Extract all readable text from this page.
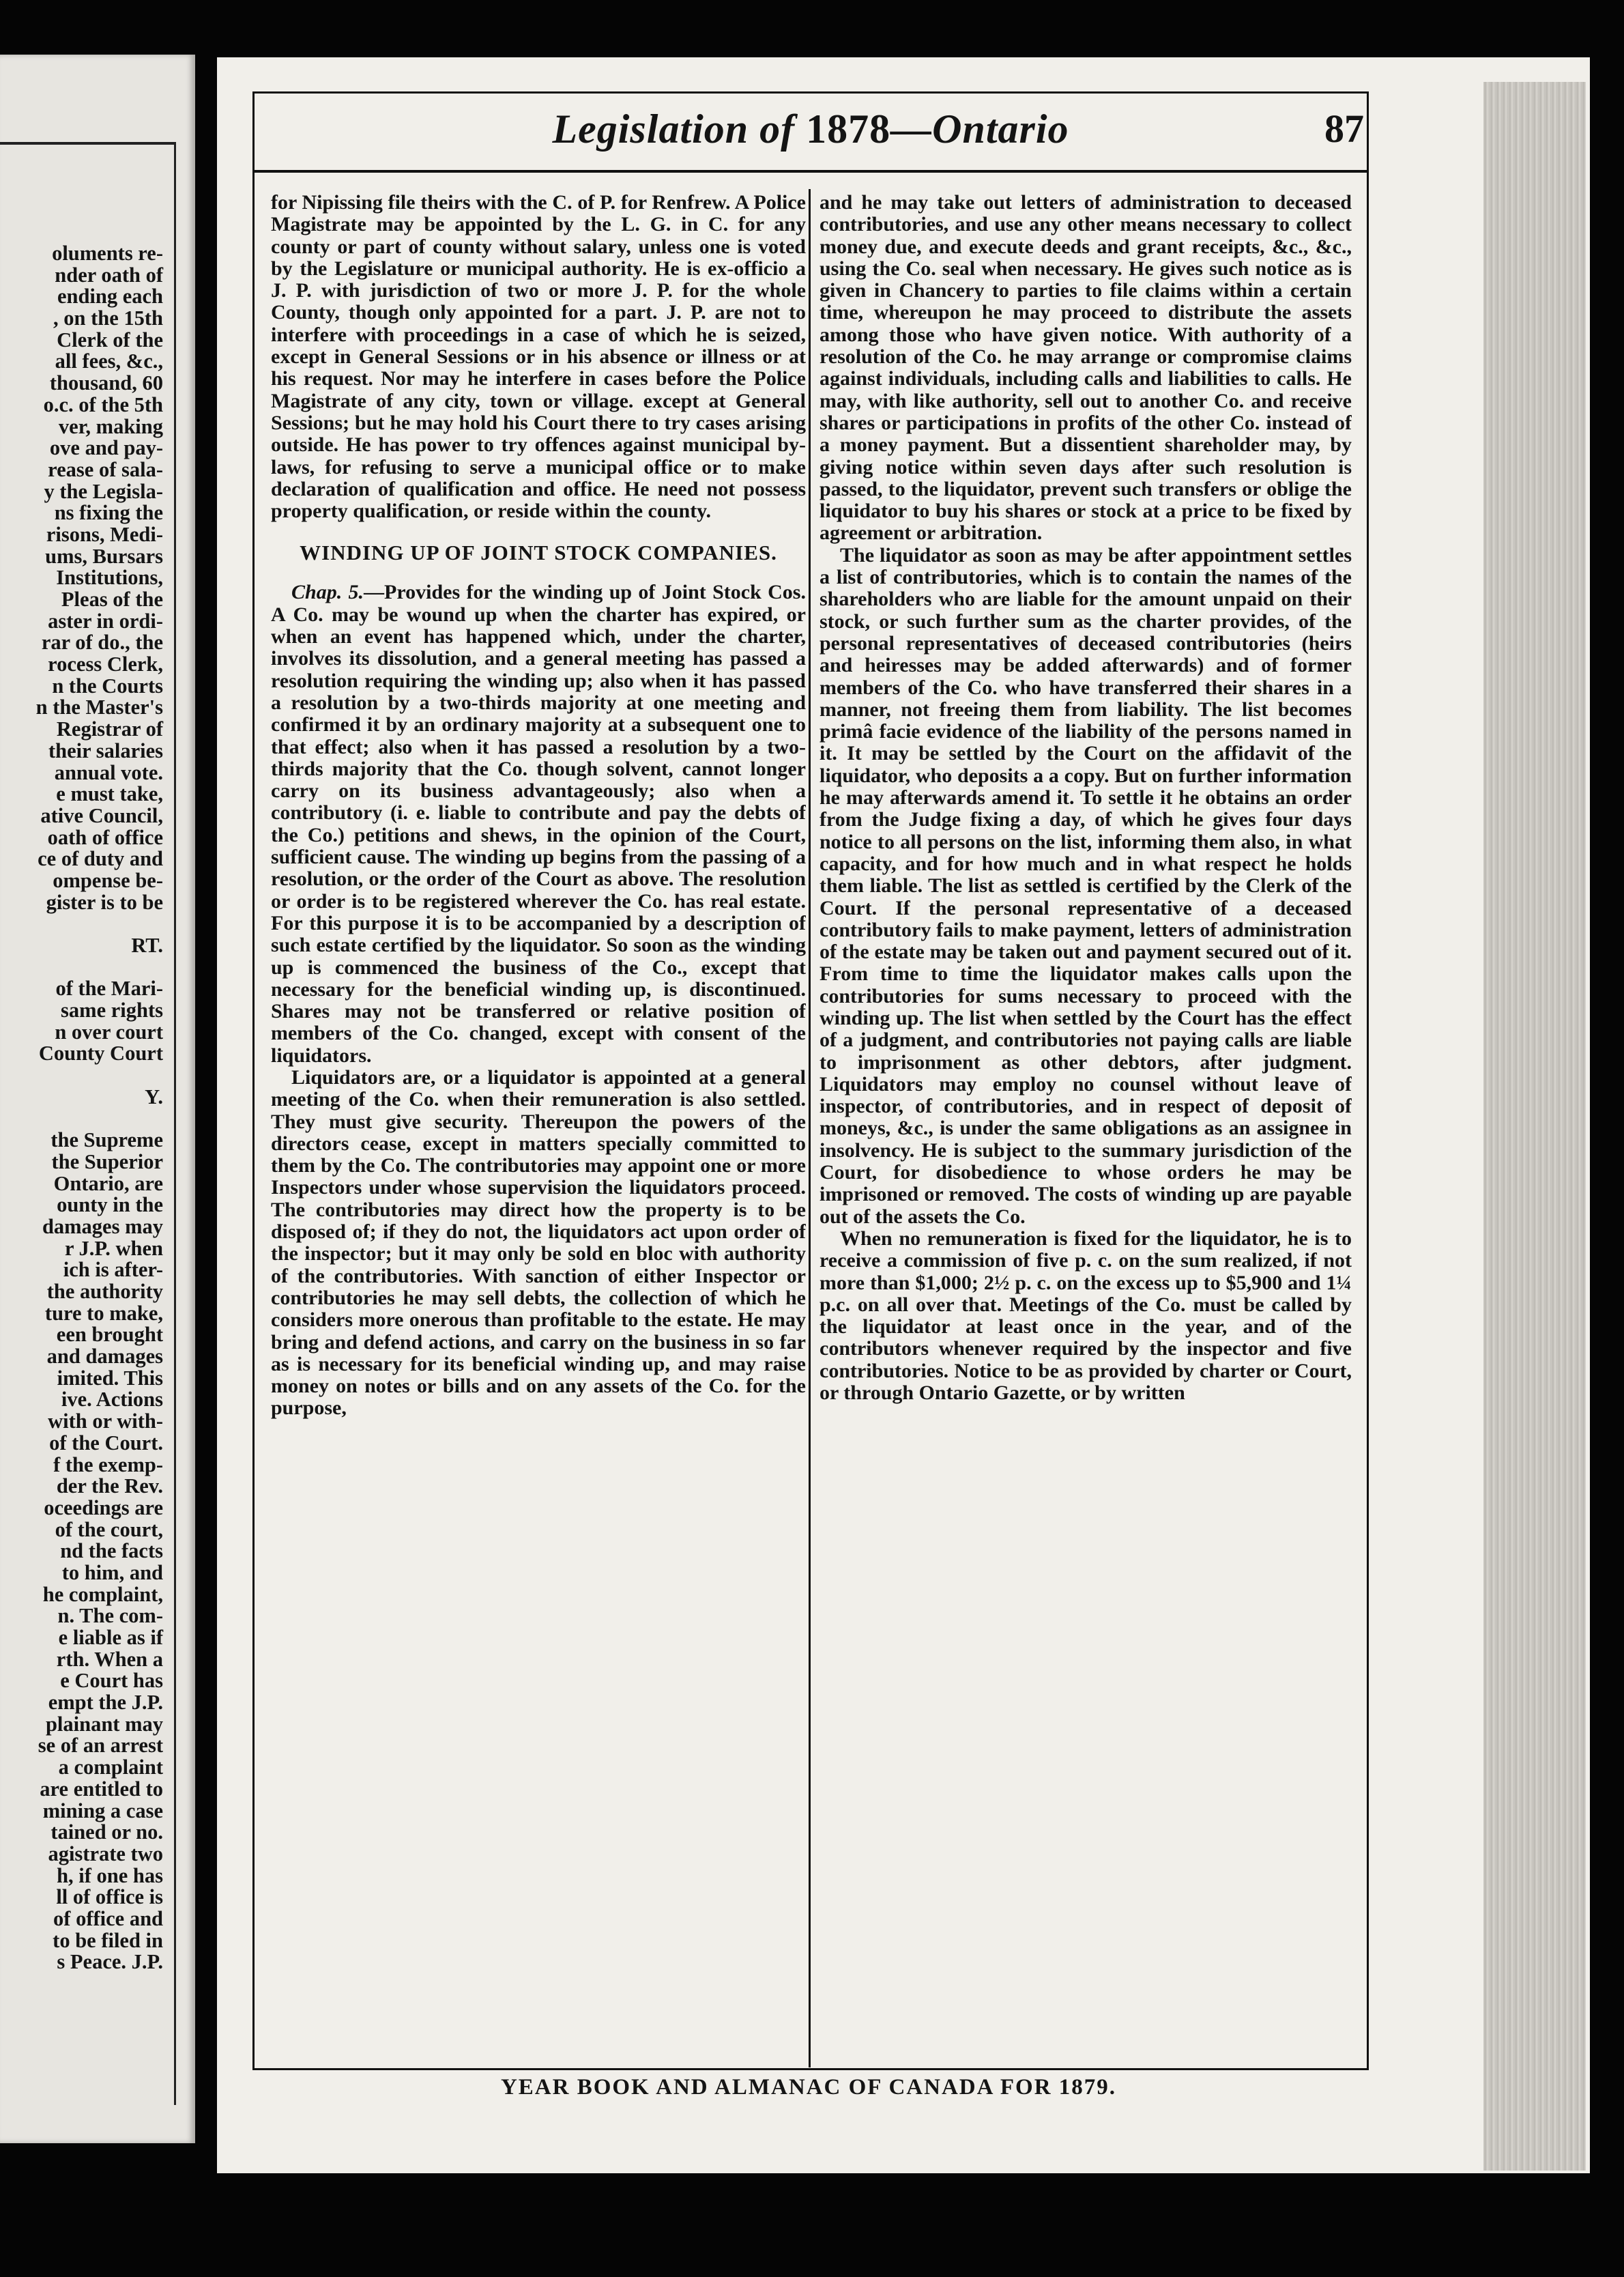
oluments re-
nder oath of
ending each
, on the 15th
Clerk of the
all fees, &c.,
thousand, 60
o.c. of the 5th
ver, making
ove and pay-
rease of sala-
y the Legisla-
ns fixing the
risons, Medi-
ums, Bursars
Institutions,
Pleas of the
aster in ordi-
rar of do., the
rocess Clerk,
n the Courts
n the Master's
Registrar of
their salaries
annual vote.
e must take,
ative Council,
oath of office
ce of duty and
ompense be-
gister is to be

RT.

of the Mari-
same rights
n over court
County Court

Y.

the Supreme
the Superior
Ontario, are
ounty in the
damages may
r J.P. when
ich is after-
the authority
ture to make,
een brought
and damages
imited. This
ive. Actions
with or with-
of the Court.
f the exemp-
der the Rev.
oceedings are
of the court,
nd the facts
to him, and
he complaint,
n. The com-
e liable as if
rth. When a
e Court has
empt the J.P.
plainant may
se of an arrest
a complaint
are entitled to
mining a case
tained or no.
agistrate two
h, if one has
ll of office is
of office and
to be filed in
s Peace. J.P.
Legislation of 1878—Ontario	87

for Nipissing file theirs with the C. of P. for Renfrew. A Police Magistrate may be appointed by the L. G. in C. for any county or part of county without salary, unless one is voted by the Legislature or municipal authority. He is ex-officio a J. P. with jurisdiction of two or more J. P. for the whole County, though only appointed for a part. J. P. are not to interfere with proceedings in a case of which he is seized, except in General Sessions or in his absence or illness or at his request. Nor may he interfere in cases before the Police Magistrate of any city, town or village. except at General Sessions; but he may hold his Court there to try cases arising outside. He has power to try offences against municipal by-laws, for refusing to serve a municipal office or to make declaration of qualification and office. He need not possess property qualification, or reside within the county.

WINDING UP OF JOINT STOCK COMPANIES.

Chap. 5.—Provides for the winding up of Joint Stock Cos. A Co. may be wound up when the charter has expired, or when an event has happened which, under the charter, involves its dissolution, and a general meeting has passed a resolution requiring the winding up; also when it has passed a resolution by a two-thirds majority at one meeting and confirmed it by an ordinary majority at a subsequent one to that effect; also when it has passed a resolution by a two-thirds majority that the Co. though solvent, cannot longer carry on its business advantageously; also when a contributory (i. e. liable to contribute and pay the debts of the Co.) petitions and shews, in the opinion of the Court, sufficient cause. The winding up begins from the passing of a resolution, or the order of the Court as above. The resolution or order is to be registered wherever the Co. has real estate. For this purpose it is to be accompanied by a description of such estate certified by the liquidator. So soon as the winding up is commenced the business of the Co., except that necessary for the beneficial winding up, is discontinued. Shares may not be transferred or relative position of members of the Co. changed, except with consent of the liquidators.

Liquidators are, or a liquidator is appointed at a general meeting of the Co. when their remuneration is also settled. They must give security. Thereupon the powers of the directors cease, except in matters specially committed to them by the Co. The contributories may appoint one or more Inspectors under whose supervision the liquidators proceed. The contributories may direct how the property is to be disposed of; if they do not, the liquidators act upon order of the inspector; but it may only be sold en bloc with authority of the contributories. With sanction of either Inspector or contributories he may sell debts, the collection of which he considers more onerous than profitable to the estate. He may bring and defend actions, and carry on the business in so far as is necessary for its beneficial winding up, and may raise money on notes or bills and on any assets of the Co. for the purpose,

and he may take out letters of administration to deceased contributories, and use any other means necessary to collect money due, and execute deeds and grant receipts, &c., &c., using the Co. seal when necessary. He gives such notice as is given in Chancery to parties to file claims within a certain time, whereupon he may proceed to distribute the assets among those who have given notice. With authority of a resolution of the Co. he may arrange or compromise claims against individuals, including calls and liabilities to calls. He may, with like authority, sell out to another Co. and receive shares or participations in profits of the other Co. instead of a money payment. But a dissentient shareholder may, by giving notice within seven days after such resolution is passed, to the liquidator, prevent such transfers or oblige the liquidator to buy his shares or stock at a price to be fixed by agreement or arbitration.

The liquidator as soon as may be after appointment settles a list of contributories, which is to contain the names of the shareholders who are liable for the amount unpaid on their stock, or such further sum as the charter provides, of the personal representatives of deceased contributories (heirs and heiresses may be added afterwards) and of former members of the Co. who have transferred their shares in a manner, not freeing them from liability. The list becomes primâ facie evidence of the liability of the persons named in it. It may be settled by the Court on the affidavit of the liquidator, who deposits a a copy. But on further information he may afterwards amend it. To settle it he obtains an order from the Judge fixing a day, of which he gives four days notice to all persons on the list, informing them also, in what capacity, and for how much and in what respect he holds them liable. The list as settled is certified by the Clerk of the Court. If the personal representative of a deceased contributory fails to make payment, letters of administration of the estate may be taken out and payment secured out of it. From time to time the liquidator makes calls upon the contributories for sums necessary to proceed with the winding up. The list when settled by the Court has the effect of a judgment, and contributories not paying calls are liable to imprisonment as other debtors, after judgment. Liquidators may employ no counsel without leave of inspector, of contributories, and in respect of deposit of moneys, &c., is under the same obligations as an assignee in insolvency. He is subject to the summary jurisdiction of the Court, for disobedience to whose orders he may be imprisoned or removed. The costs of winding up are payable out of the assets the Co.

When no remuneration is fixed for the liquidator, he is to receive a commission of five p. c. on the sum realized, if not more than $1,000; 2½ p. c. on the excess up to $5,900 and 1¼ p.c. on all over that. Meetings of the Co. must be called by the liquidator at least once in the year, and of the contributors whenever required by the inspector and five contributories. Notice to be as provided by charter or Court, or through Ontario Gazette, or by written

YEAR BOOK AND ALMANAC OF CANADA FOR 1879.
